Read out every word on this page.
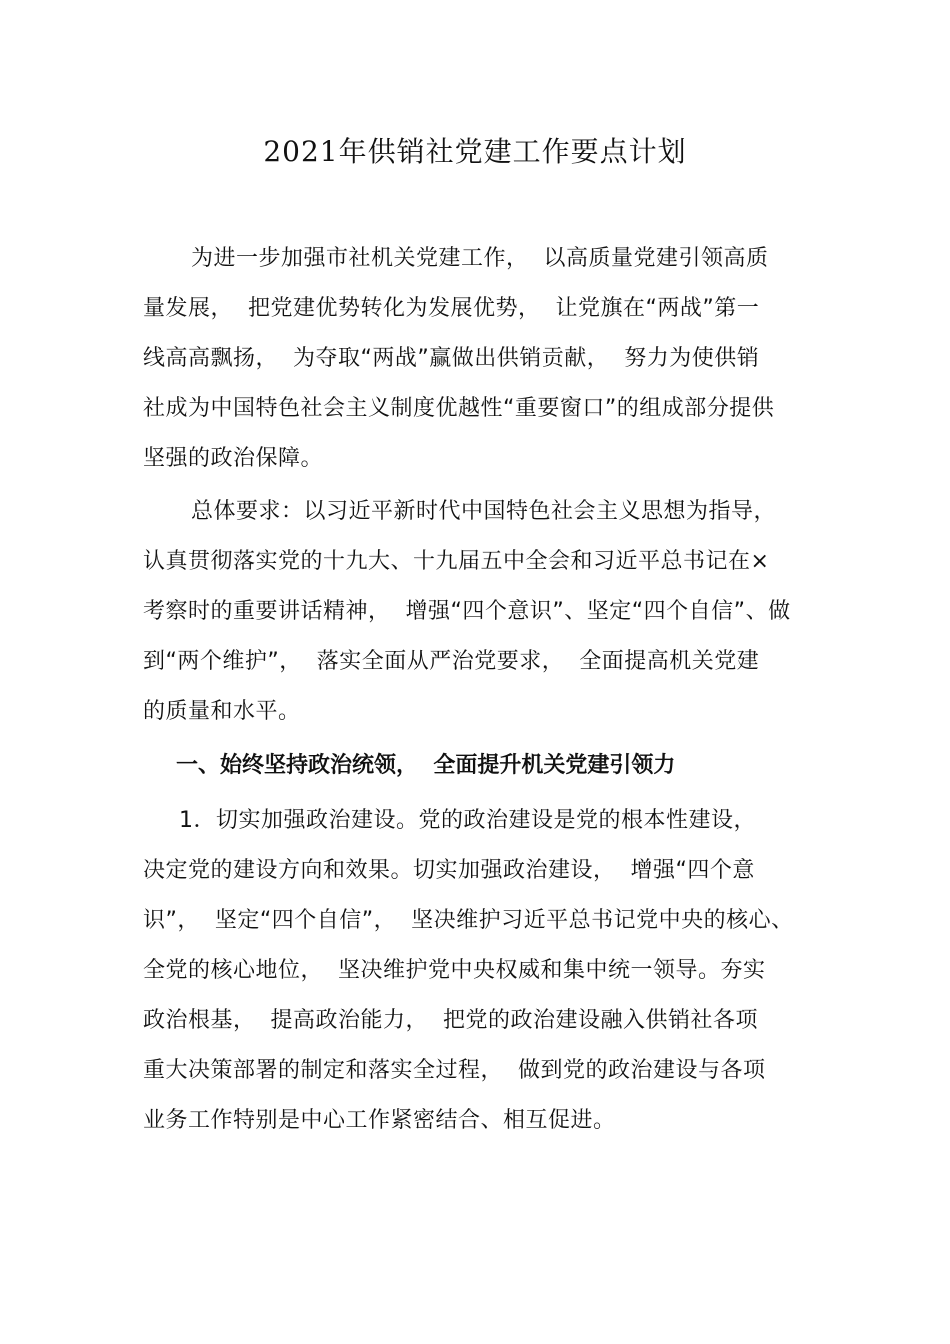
2021年供销社党建工作要点计划
为进一步加强市社机关党建工作，  以高质量党建引领高质
量发展，  把党建优势转化为发展优势，  让党旗在“两战”第一
线高高飘扬，  为夺取“两战”赢做出供销贡献，  努力为使供销
社成为中国特色社会主义制度优越性“重要窗口”的组成部分提供
坚强的政治保障。
总体要求：以习近平新时代中国特色社会主义思想为指导，
认真贯彻落实党的十九大、十九届五中全会和习近平总书记在×
考察时的重要讲话精神，  增强“四个意识”、坚定“四个自信”、做
到“两个维护”，  落实全面从严治党要求，  全面提高机关党建
的质量和水平。
一、始终坚持政治统领，  全面提升机关党建引领力
1．切实加强政治建设。党的政治建设是党的根本性建设，
决定党的建设方向和效果。切实加强政治建设，  增强“四个意
识”，  坚定“四个自信”，  坚决维护习近平总书记党中央的核心、
全党的核心地位，  坚决维护党中央权威和集中统一领导。夯实
政治根基，  提高政治能力，  把党的政治建设融入供销社各项
重大决策部署的制定和落实全过程，  做到党的政治建设与各项
业务工作特别是中心工作紧密结合、相互促进。
